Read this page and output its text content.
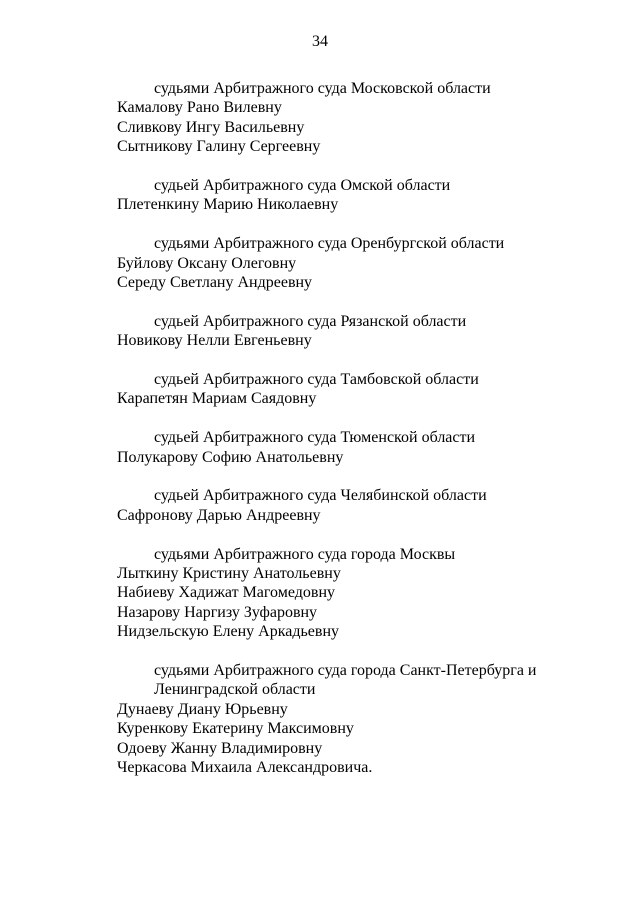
34
судьями Арбитражного суда Московской области
Камалову Рано Вилевну
Сливкову Ингу Васильевну
Сытникову Галину Сергеевну
судьей Арбитражного суда Омской области
Плетенкину Марию Николаевну
судьями Арбитражного суда Оренбургской области
Буйлову Оксану Олеговну
Середу Светлану Андреевну
судьей Арбитражного суда Рязанской области
Новикову Нелли Евгеньевну
судьей Арбитражного суда Тамбовской области
Карапетян Мариам Саядовну
судьей Арбитражного суда Тюменской области
Полукарову Софию Анатольевну
судьей Арбитражного суда Челябинской области
Сафронову Дарью Андреевну
судьями Арбитражного суда города Москвы
Лыткину Кристину Анатольевну
Набиеву Хадижат Магомедовну
Назарову Наргизу Зуфаровну
Нидзельскую Елену Аркадьевну
судьями Арбитражного суда города Санкт-Петербурга и
Ленинградской области
Дунаеву Диану Юрьевну
Куренкову Екатерину Максимовну
Одоеву Жанну Владимировну
Черкасова Михаила Александровича.
